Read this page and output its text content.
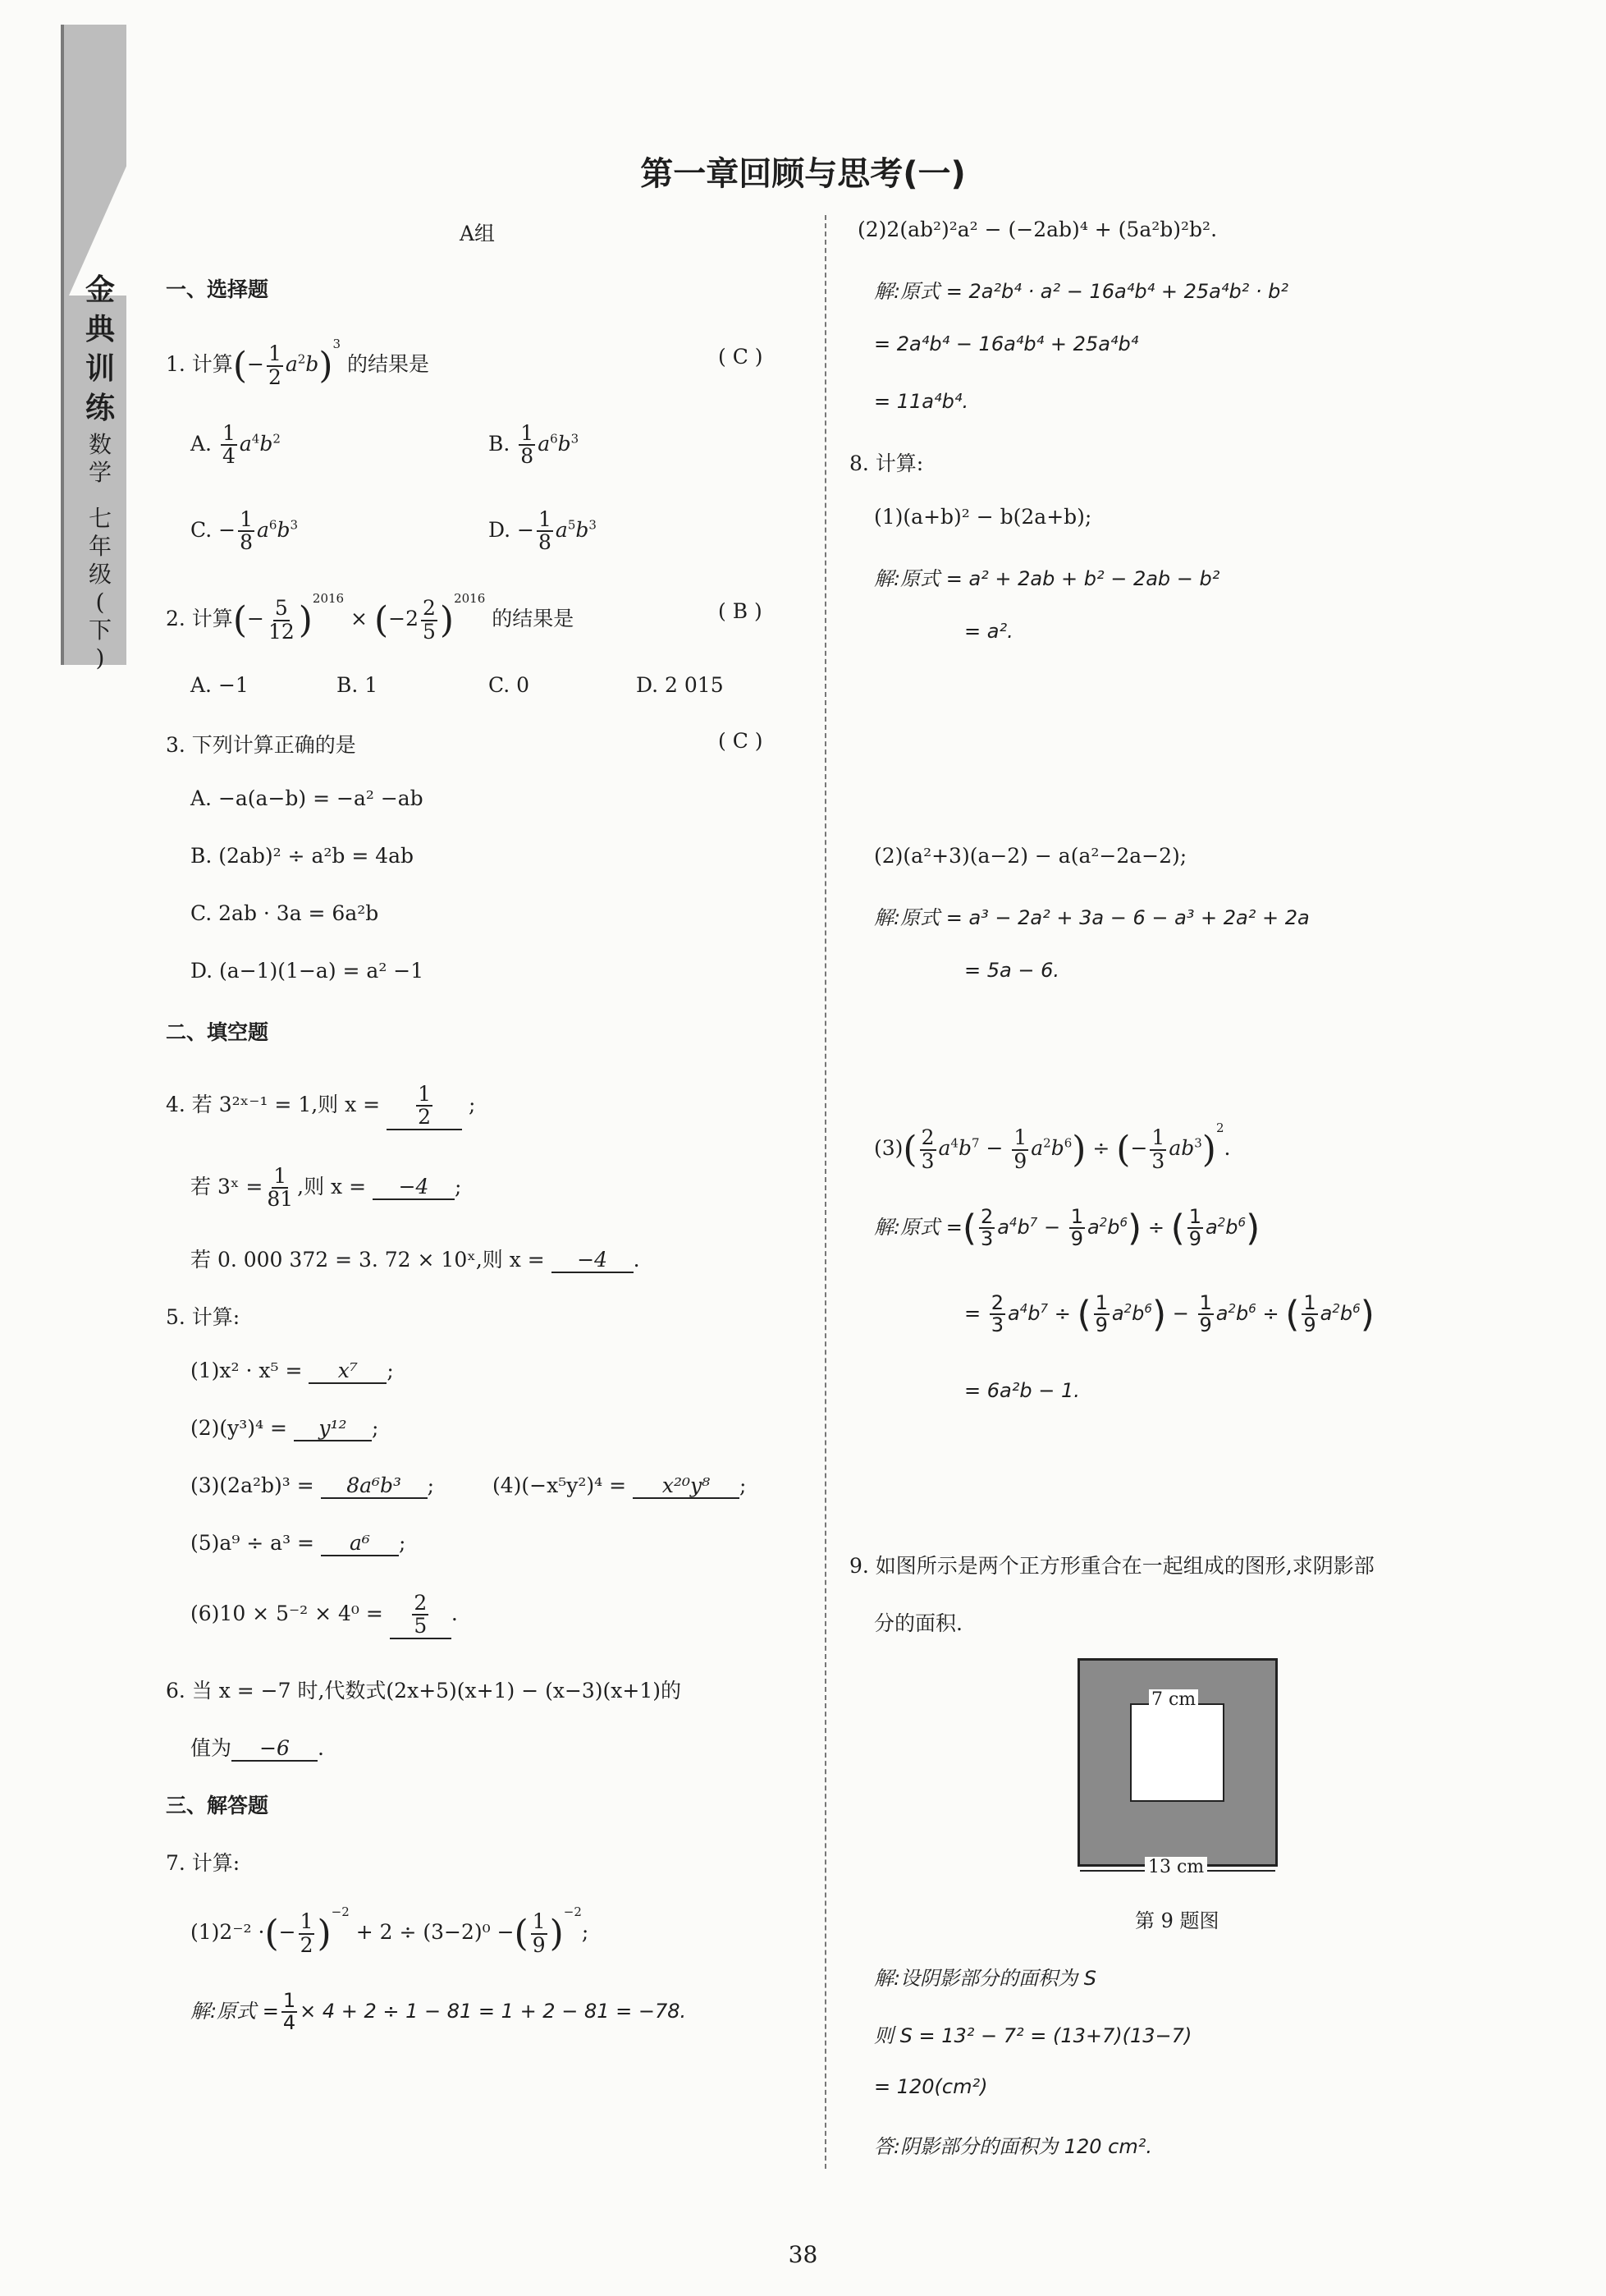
金
典
训
练
数
学
七
年
级
(
下
)
第一章回顾与思考(一)
A组
一、选择题
1. 计算(− $\frac{1}{2} a^2b)^3$ 的结果是	( C )
A. $\frac{1}{4} a^4b^2$	B. $\frac{1}{8} a^6b^3$
C. − $\frac{1}{8} a^6b^3$	D. − $\frac{1}{8} a^5b^3$
2. 计算(− $\frac{5}{12} )^{2016} \times (-2 \frac{2}{5} )^{2016}$ 的结果是	( B )
A. −1	B. 1	C. 0	D. 2 015
3. 下列计算正确的是	( C )
A. −a(a−b) = −a² −ab
B. (2ab)² ÷ a²b = 4ab
C. 2ab · 3a = 6a²b
D. (a−1)(1−a) = a² −1
二、填空题
4. 若 3²ˣ⁻¹ = 1,则 $x = \frac{1}{2}$ ;
若 3ˣ = $\frac{1}{81}$ ,则 x = −4 ;
若 0. 000 372 = 3. 72 × 10ˣ,则 x = −4 .
5. 计算:
(1)x² · x⁵ = x⁷ ;
(2)(y³)⁴ = y¹² ;
(3)(2a²b)³ = 8a⁶b³ ;	(4)(−x⁵y²)⁴ = x²⁰y⁸ ;
(5)a⁹ ÷ a³ = a⁶ ;
$(6)10 \times 5^{-2} \times 4^0 = \frac{2}{5}$ .
6. 当 x = −7 时,代数式(2x+5)(x+1) − (x−3)(x+1)的
值为 −6 .
三、解答题
7. 计算:
(1)2⁻² ·(− $\frac{1}{2} )^{-2} + 2 \div (3-2)^0$ −( $\frac{1}{9} )^{-2}$;
解:原式 = $\frac{1}{4} \times 4 + 2 \div 1 - 81 = 1 + 2 - 81 = -78$.
(2)2(ab²)²a² − (−2ab)⁴ + (5a²b)²b².
解:原式 = 2a²b⁴ · a² − 16a⁴b⁴ + 25a⁴b² · b²
= 2a⁴b⁴ − 16a⁴b⁴ + 25a⁴b⁴
= 11a⁴b⁴.
8. 计算:
(1)(a+b)² − b(2a+b);
解:原式 = a² + 2ab + b² − 2ab − b²
= a².
(2)(a²+3)(a−2) − a(a²−2a−2);
解:原式 = a³ − 2a² + 3a − 6 − a³ + 2a² + 2a
= 5a − 6.
$(3)( \frac{2}{3} a^4b^7 - \frac{1}{9} a^2b^6)$ ÷ (− $\frac{1}{3} ab^3)^2$.
解:原式 =( $\frac{2}{3} a^4b^7 - \frac{1}{9} a^2b^6$) ÷ ( $\frac{1}{9} a^2b^6$)
= $\frac{2}{3} a^4b^7$ ÷ ( $\frac{1}{9} a^2b^6) - \frac{1}{9} a^2b^6$ ÷ ( $\frac{1}{9} a^2b^6$)
= 6a²b − 1.
9. 如图所示是两个正方形重合在一起组成的图形,求阴影部
分的面积.
7 cm
13 cm
第 9 题图
解:设阴影部分的面积为 S
则 S = 13² − 7² = (13+7)(13−7)
= 120(cm²)
答:阴影部分的面积为 120 cm².
38
